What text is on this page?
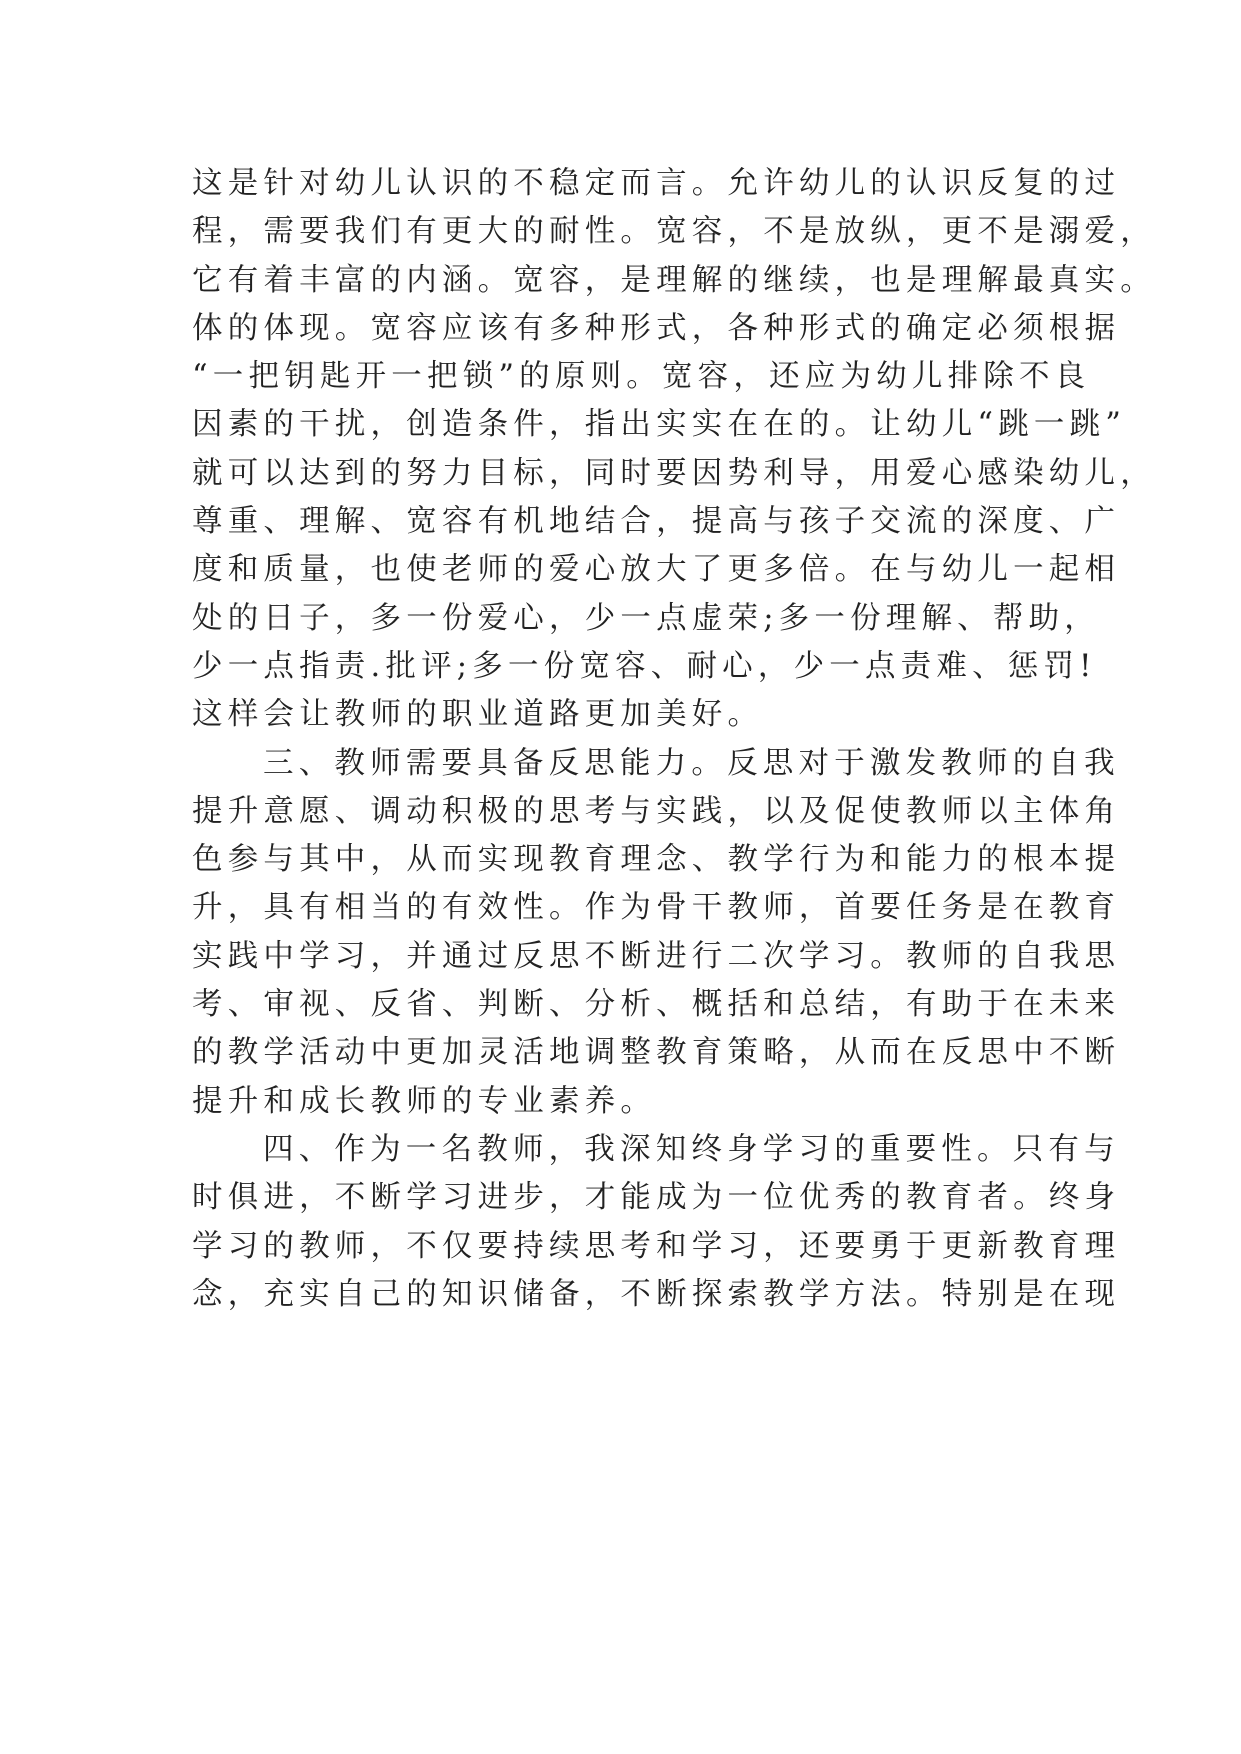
这是针对幼儿认识的不稳定而言。允许幼儿的认识反复的过
程，需要我们有更大的耐性。宽容，不是放纵，更不是溺爱，
它有着丰富的内涵。宽容，是理解的继续，也是理解最真实。
体的体现。宽容应该有多种形式，各种形式的确定必须根据
“一把钥匙开一把锁”的原则。宽容，还应为幼儿排除不良
因素的干扰，创造条件，指出实实在在的。让幼儿“跳一跳”
就可以达到的努力目标，同时要因势利导，用爱心感染幼儿，
尊重、理解、宽容有机地结合，提高与孩子交流的深度、广
度和质量，也使老师的爱心放大了更多倍。在与幼儿一起相
处的日子，多一份爱心，少一点虚荣;多一份理解、帮助，
少一点指责.批评;多一份宽容、耐心，少一点责难、惩罚!
这样会让教师的职业道路更加美好。
三、教师需要具备反思能力。反思对于激发教师的自我
提升意愿、调动积极的思考与实践，以及促使教师以主体角
色参与其中，从而实现教育理念、教学行为和能力的根本提
升，具有相当的有效性。作为骨干教师，首要任务是在教育
实践中学习，并通过反思不断进行二次学习。教师的自我思
考、审视、反省、判断、分析、概括和总结，有助于在未来
的教学活动中更加灵活地调整教育策略，从而在反思中不断
提升和成长教师的专业素养。
四、作为一名教师，我深知终身学习的重要性。只有与
时俱进，不断学习进步，才能成为一位优秀的教育者。终身
学习的教师，不仅要持续思考和学习，还要勇于更新教育理
念，充实自己的知识储备，不断探索教学方法。特别是在现
